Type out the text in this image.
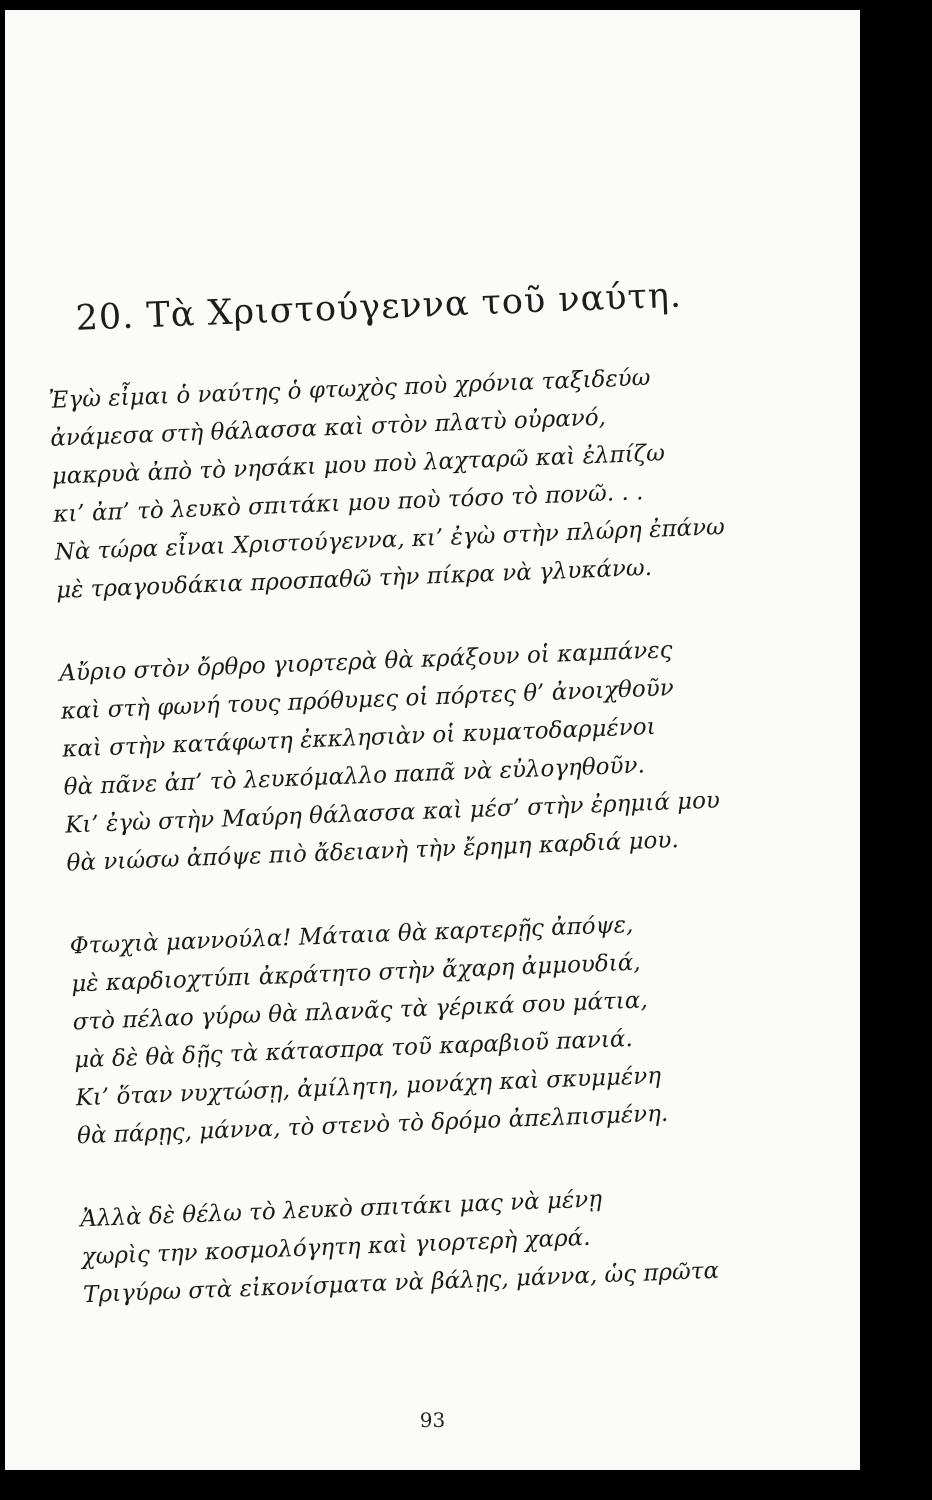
20. Τὰ Χριστούγεννα τοῦ ναύτη.
Ἐγὼ εἶμαι ὁ ναύτης ὁ φτωχὸς ποὺ χρόνια ταξιδεύω
ἀνάμεσα στὴ θάλασσα καὶ στὸν πλατὺ οὐρανό,
μακρυὰ ἀπὸ τὸ νησάκι μου ποὺ λαχταρῶ καὶ ἐλπίζω
κι’ ἀπ’ τὸ λευκὸ σπιτάκι μου ποὺ τόσο τὸ πονῶ. . .
Νὰ τώρα εἶναι Χριστούγεννα, κι’ ἐγὼ στὴν πλώρη ἐπάνω
μὲ τραγουδάκια προσπαθῶ τὴν πίκρα νὰ γλυκάνω.
Αὔριο στὸν ὄρθρο γιορτερὰ θὰ κράξουν οἱ καμπάνες
καὶ στὴ φωνή τους πρόθυμες οἱ πόρτες θ’ ἀνοιχθοῦν
καὶ στὴν κατάφωτη ἐκκλησιὰν οἱ κυματοδαρμένοι
θὰ πᾶνε ἀπ’ τὸ λευκόμαλλο παπᾶ νὰ εὐλογηθοῦν.
Κι’ ἐγὼ στὴν Μαύρη θάλασσα καὶ μέσ’ στὴν ἐρημιά μου
θὰ νιώσω ἀπόψε πιὸ ἄδειανὴ τὴν ἔρημη καρδιά μου.
Φτωχιὰ μαννούλα! Μάταια θὰ καρτερῇς ἀπόψε,
μὲ καρδιοχτύπι ἀκράτητο στὴν ἄχαρη ἀμμουδιά,
στὸ πέλαο γύρω θὰ πλανᾶς τὰ γέρικά σου μάτια,
μὰ δὲ θὰ δῇς τὰ κάτασπρα τοῦ καραβιοῦ πανιά.
Κι’ ὅταν νυχτώσῃ, ἀμίλητη, μονάχη καὶ σκυμμένη
θὰ πάρῃς, μάννα, τὸ στενὸ τὸ δρόμο ἀπελπισμένη.
Ἀλλὰ δὲ θέλω τὸ λευκὸ σπιτάκι μας νὰ μένῃ
χωρὶς την κοσμολόγητη καὶ γιορτερὴ χαρά.
Τριγύρω στὰ εἰκονίσματα νὰ βάλῃς, μάννα, ὡς πρῶτα
93
